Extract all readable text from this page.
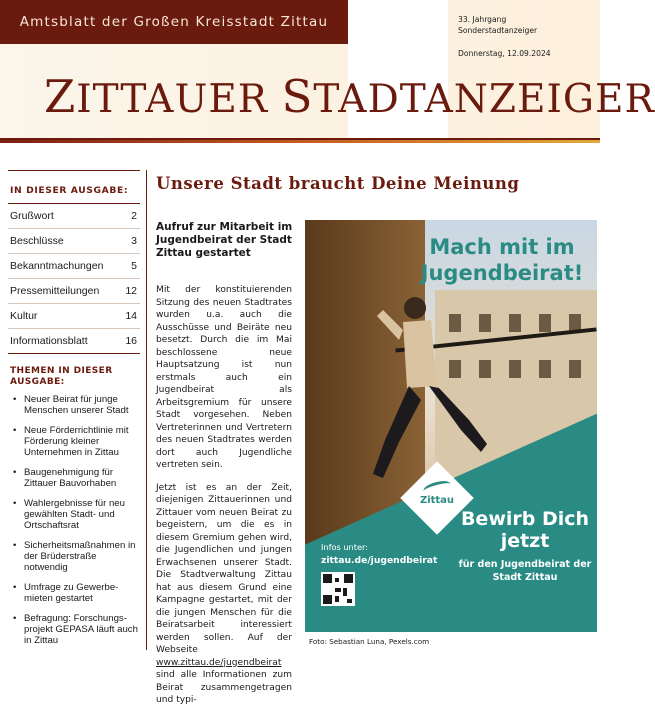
Amtsblatt der Großen Kreisstadt Zittau	33. Jahrgang
Sonderstadtanzeiger
Donnerstag, 12.09.2024
ZITTAUER STADTANZEIGER
IN DIESER AUSGABE:
Grußwort	2
Beschlüsse	3
Bekanntmachungen	5
Pressemitteilungen 12
Kultur	14
Informationsblatt	16
THEMEN IN DIESER AUSGABE:
• Neuer Beirat für junge Menschen unserer Stadt
• Neue Förderrichtlinie mit Förderung kleiner Unternehmen in Zittau
• Baugenehmigung für Zittauer Bauvorhaben
• Wahlergebnisse für neu gewählten Stadt- und Ortschaftsrat
• Sicherheitsmaßnahmen in der Brüderstraße notwendig
• Umfrage zu Gewerbe-mieten gestartet
• Befragung: Forschungs-projekt GEPASA läuft auch in Zittau
Unsere Stadt braucht Deine Meinung
Aufruf zur Mitarbeit im Jugendbeirat der Stadt Zittau gestartet

Mit der konstituierenden Sitzung des neuen Stadtrates wurden u.a. auch die Ausschüsse und Beiräte neu besetzt. Durch die im Mai beschlossene neue Hauptsatzung ist nun erstmals auch ein Jugendbeirat als Arbeitsgremium für unsere Stadt vorgesehen. Neben Vertreterinnen und Vertretern des neuen Stadtrates werden dort auch Jugendliche vertreten sein.

Jetzt ist es an der Zeit, diejenigen Zittauerinnen und Zittauer vom neuen Beirat zu begeistern, um die es in diesem Gremium gehen wird, die Jugendlichen und jungen Erwachsenen unserer Stadt. Die Stadtverwaltung Zittau hat aus diesem Grund eine Kampagne gestartet, mit der die jungen Menschen für die Beiratsarbeit interessiert werden sollen. Auf der Webseite www.zittau.de/jugendbeirat sind alle Informationen zum Beirat zusammengetragen und typi-

Mach mit im Jugendbeirat!
Zittau
Infos unter:
zittau.de/jugendbeirat
Bewirb Dich jetzt
für den Jugendbeirat der Stadt Zittau
Foto: Sebastian Luna, Pexels.com
